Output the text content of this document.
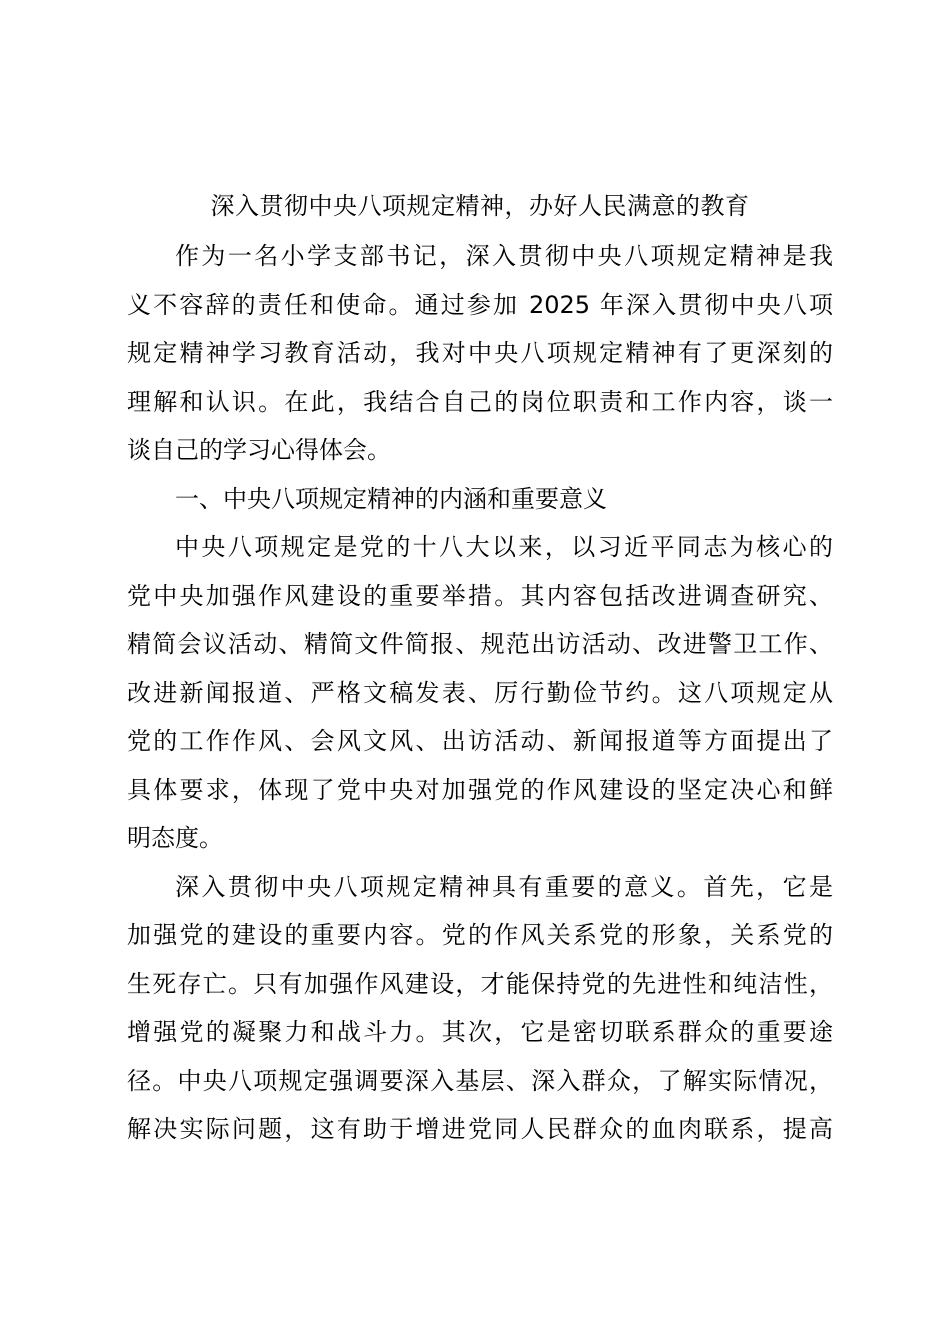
深入贯彻中央八项规定精神，办好人民满意的教育
作为一名小学支部书记，深入贯彻中央八项规定精神是我
义不容辞的责任和使命。通过参加 2025 年深入贯彻中央八项
规定精神学习教育活动，我对中央八项规定精神有了更深刻的
理解和认识。在此，我结合自己的岗位职责和工作内容，谈一
谈自己的学习心得体会。
一、中央八项规定精神的内涵和重要意义
中央八项规定是党的十八大以来，以习近平同志为核心的
党中央加强作风建设的重要举措。其内容包括改进调查研究、
精简会议活动、精简文件简报、规范出访活动、改进警卫工作、
改进新闻报道、严格文稿发表、厉行勤俭节约。这八项规定从
党的工作作风、会风文风、出访活动、新闻报道等方面提出了
具体要求，体现了党中央对加强党的作风建设的坚定决心和鲜
明态度。
深入贯彻中央八项规定精神具有重要的意义。首先，它是
加强党的建设的重要内容。党的作风关系党的形象，关系党的
生死存亡。只有加强作风建设，才能保持党的先进性和纯洁性，
增强党的凝聚力和战斗力。其次，它是密切联系群众的重要途
径。中央八项规定强调要深入基层、深入群众，了解实际情况，
解决实际问题，这有助于增进党同人民群众的血肉联系，提高
